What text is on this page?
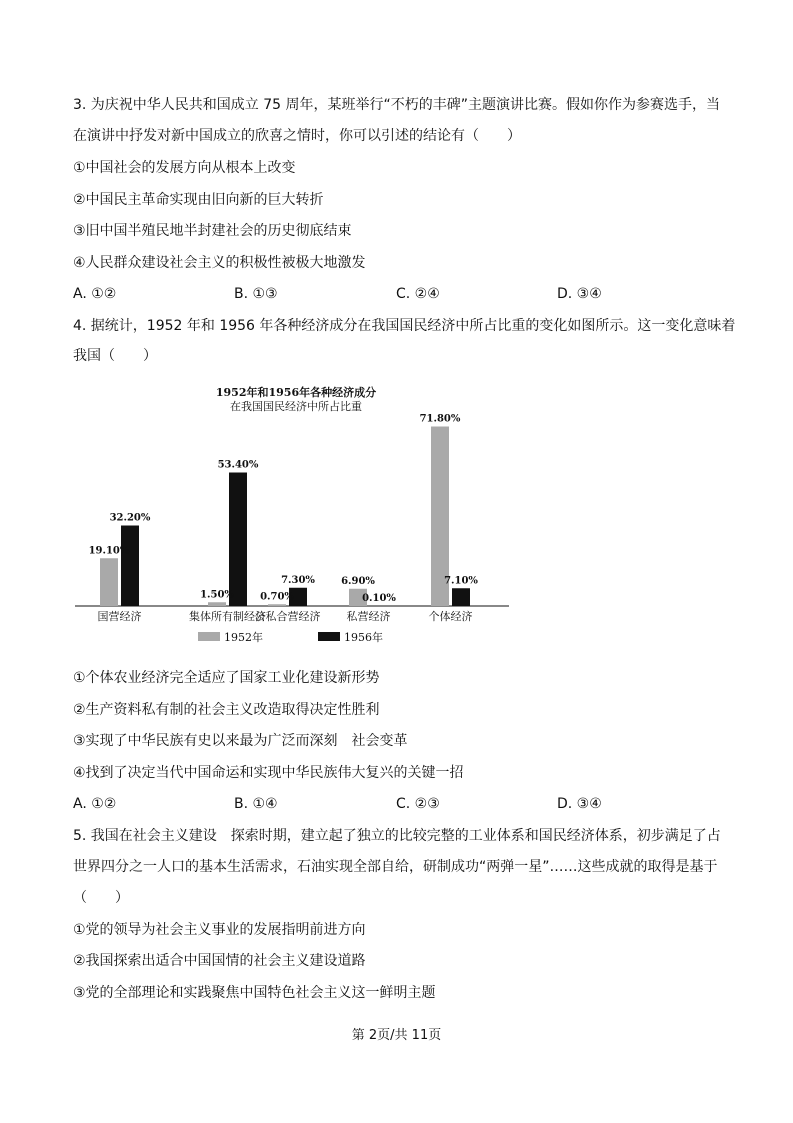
3. 为庆祝中华人民共和国成立 75 周年，某班举行“不朽的丰碑”主题演讲比赛。假如你作为参赛选手，当
在演讲中抒发对新中国成立的欣喜之情时，你可以引述的结论有（　　）
①中国社会的发展方向从根本上改变
②中国民主革命实现由旧向新的巨大转折
③旧中国半殖民地半封建社会的历史彻底结束
④人民群众建设社会主义的积极性被极大地激发
A. ①②	B. ①③	C. ②④	D. ③④
4. 据统计，1952 年和 1956 年各种经济成分在我国国民经济中所占比重的变化如图所示。这一变化意味着
我国（　　）
1952年和1956年各种经济成分
在我国国民经济中所占比重
19.10%
32.20%
1.50%
53.40%
0.70%
7.30%	6.90%
0.10%
71.80%
7.10%
国营经济	集体所有制经济
公私合营经济 私营经济	个体经济
1952年	1956年
①个体农业经济完全适应了国家工业化建设新形势
②生产资料私有制的社会主义改造取得决定性胜利
③实现了中华民族有史以来最为广泛而深刻　社会变革
④找到了决定当代中国命运和实现中华民族伟大复兴的关键一招
A. ①②	B. ①④	C. ②③	D. ③④
5. 我国在社会主义建设　探索时期，建立起了独立的比较完整的工业体系和国民经济体系，初步满足了占
世界四分之一人口的基本生活需求，石油实现全部自给，研制成功“两弹一星”……这些成就的取得是基于
（　　）
①党的领导为社会主义事业的发展指明前进方向
②我国探索出适合中国国情的社会主义建设道路
③党的全部理论和实践聚焦中国特色社会主义这一鲜明主题
第 2页/共 11页
